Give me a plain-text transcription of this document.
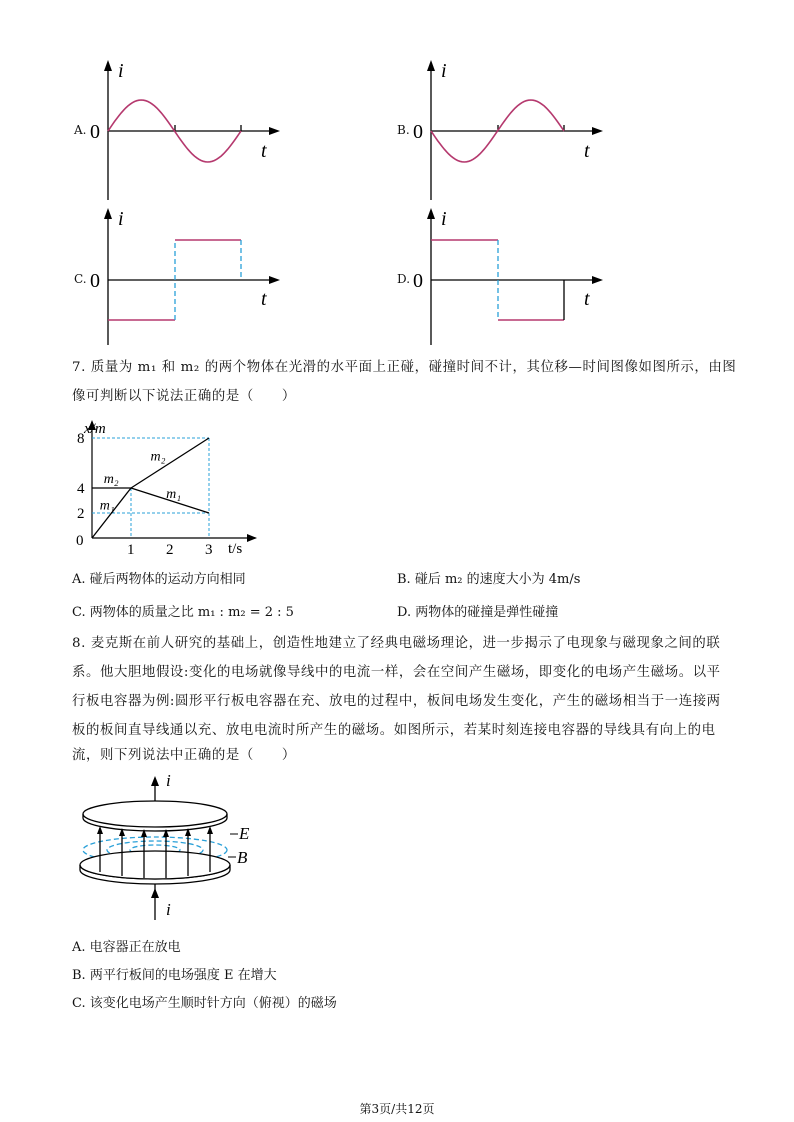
A.
i
t
0	B.
i
t
0
C.
i
t
0	D.
i
t
0
7. 质量为 m₁ 和 m₂ 的两个物体在光滑的水平面上正碰，碰撞时间不计，其位移—时间图像如图所示，由图
像可判断以下说法正确的是（　　）
x/m
t/s
0
1 2 3
2
4
8
m₂
m₁
m₂
m₁
A. 碰后两物体的运动方向相同	B. 碰后 m₂ 的速度大小为 4m/s
C. 两物体的质量之比 m₁ : m₂ = 2 : 5	D. 两物体的碰撞是弹性碰撞
8. 麦克斯在前人研究的基础上，创造性地建立了经典电磁场理论，进一步揭示了电现象与磁现象之间的联
系。他大胆地假设:变化的电场就像导线中的电流一样，会在空间产生磁场，即变化的电场产生磁场。以平
行板电容器为例:圆形平行板电容器在充、放电的过程中，板间电场发生变化，产生的磁场相当于一连接两
板的板间直导线通以充、放电电流时所产生的磁场。如图所示，若某时刻连接电容器的导线具有向上的电
流，则下列说法中正确的是（　　）
i
E
B
i
A. 电容器正在放电
B. 两平行板间的电场强度 E 在增大
C. 该变化电场产生顺时针方向（俯视）的磁场
第3页/共12页
